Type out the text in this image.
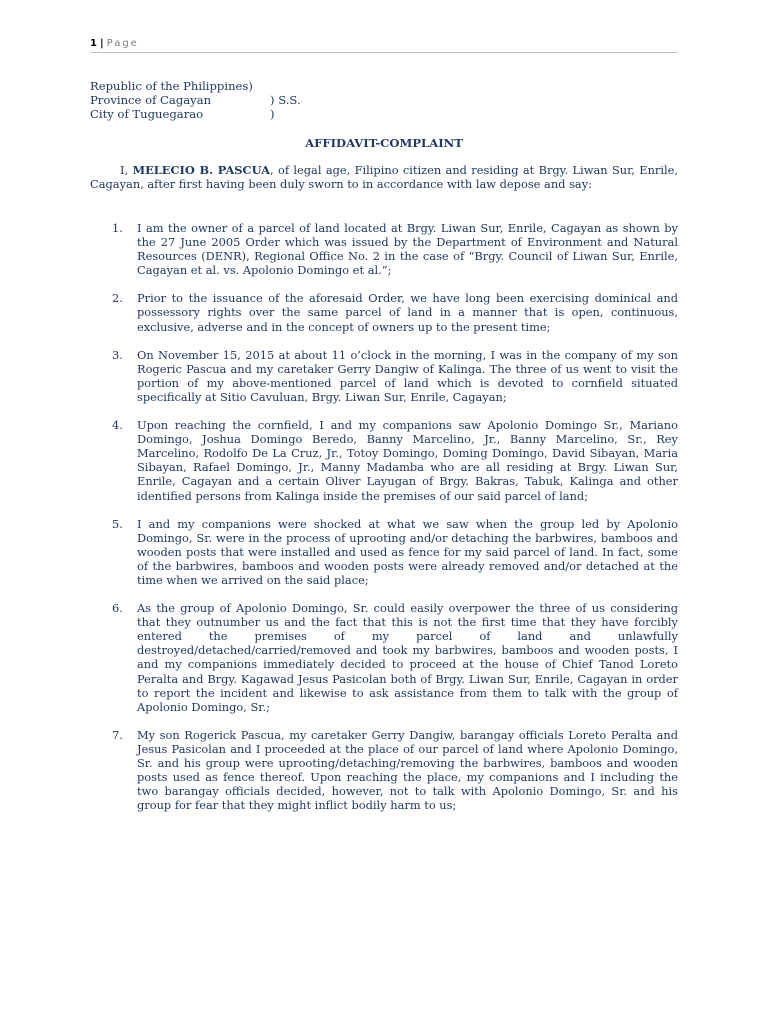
1 | Page
Republic of the Philippines)
Province of Cagayan	) S.S.
City of Tuguegarao	)
AFFIDAVIT-COMPLAINT

I, MELECIO B. PASCUA, of legal age, Filipino citizen and residing at Brgy. Liwan Sur, Enrile, Cagayan, after first having been duly sworn to in accordance with law depose and say:

1. I am the owner of a parcel of land located at Brgy. Liwan Sur, Enrile, Cagayan as shown by the 27 June 2005 Order which was issued by the Department of Environment and Natural Resources (DENR), Regional Office No. 2 in the case of “Brgy. Council of Liwan Sur, Enrile, Cagayan et al. vs. Apolonio Domingo et al.”;
2. Prior to the issuance of the aforesaid Order, we have long been exercising dominical and possessory rights over the same parcel of land in a manner that is open, continuous, exclusive, adverse and in the concept of owners up to the present time;
3. On November 15, 2015 at about 11 o’clock in the morning, I was in the company of my son Rogeric Pascua and my caretaker Gerry Dangiw of Kalinga. The three of us went to visit the portion of my above-mentioned parcel of land which is devoted to cornfield situated specifically at Sitio Cavuluan, Brgy. Liwan Sur, Enrile, Cagayan;
4. Upon reaching the cornfield, I and my companions saw Apolonio Domingo Sr., Mariano Domingo, Joshua Domingo Beredo, Banny Marcelino, Jr., Banny Marcelino, Sr., Rey Marcelino, Rodolfo De La Cruz, Jr., Totoy Domingo, Doming Domingo, David Sibayan, Maria Sibayan, Rafael Domingo, Jr., Manny Madamba who are all residing at Brgy. Liwan Sur, Enrile, Cagayan and a certain Oliver Layugan of Brgy. Bakras, Tabuk, Kalinga and other identified persons from Kalinga inside the premises of our said parcel of land;
5. I and my companions were shocked at what we saw when the group led by Apolonio Domingo, Sr. were in the process of uprooting and/or detaching the barbwires, bamboos and wooden posts that were installed and used as fence for my said parcel of land. In fact, some of the barbwires, bamboos and wooden posts were already removed and/or detached at the time when we arrived on the said place;
6. As the group of Apolonio Domingo, Sr. could easily overpower the three of us considering that they outnumber us and the fact that this is not the first time that they have forcibly entered the premises of my parcel of land and unlawfully destroyed/detached/carried/removed and took my barbwires, bamboos and wooden posts, I and my companions immediately decided to proceed at the house of Chief Tanod Loreto Peralta and Brgy. Kagawad Jesus Pasicolan both of Brgy. Liwan Sur, Enrile, Cagayan in order to report the incident and likewise to ask assistance from them to talk with the group of Apolonio Domingo, Sr.;
7. My son Rogerick Pascua, my caretaker Gerry Dangiw, barangay officials Loreto Peralta and Jesus Pasicolan and I proceeded at the place of our parcel of land where Apolonio Domingo, Sr. and his group were uprooting/detaching/removing the barbwires, bamboos and wooden posts used as fence thereof. Upon reaching the place, my companions and I including the two barangay officials decided, however, not to talk with Apolonio Domingo, Sr. and his group for fear that they might inflict bodily harm to us;
